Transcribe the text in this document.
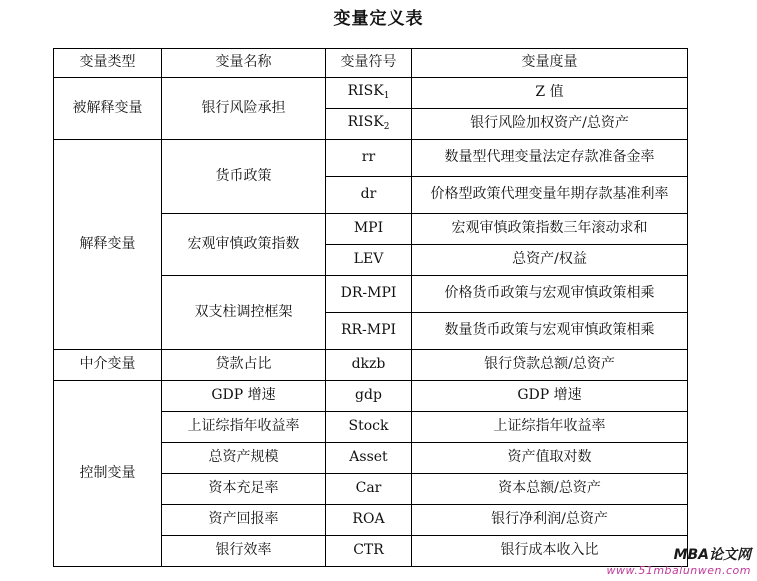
变量定义表
变量类型	变量名称	变量符号	变量度量
被解释变量	银行风险承担	$RISK_1$	Z 值
		$RISK_2$	银行风险加权资产/总资产
解释变量	货币政策	rr	数量型代理变量法定存款准备金率
		dr	价格型政策代理变量年期存款基准利率
	宏观审慎政策指数	MPI	宏观审慎政策指数三年滚动求和
		LEV	总资产/权益
	双支柱调控框架	DR-MPI	价格货币政策与宏观审慎政策相乘
		RR-MPI	数量货币政策与宏观审慎政策相乘
中介变量	贷款占比	dkzb	银行贷款总额/总资产
控制变量	GDP 增速	gdp	GDP 增速
	上证综指年收益率	Stock	上证综指年收益率
	总资产规模	Asset	资产值取对数
	资本充足率	Car	资本总额/总资产
	资产回报率	ROA	银行净利润/总资产
	银行效率	CTR	银行成本收入比	MBA论文网
www.51mbalunwen.com
